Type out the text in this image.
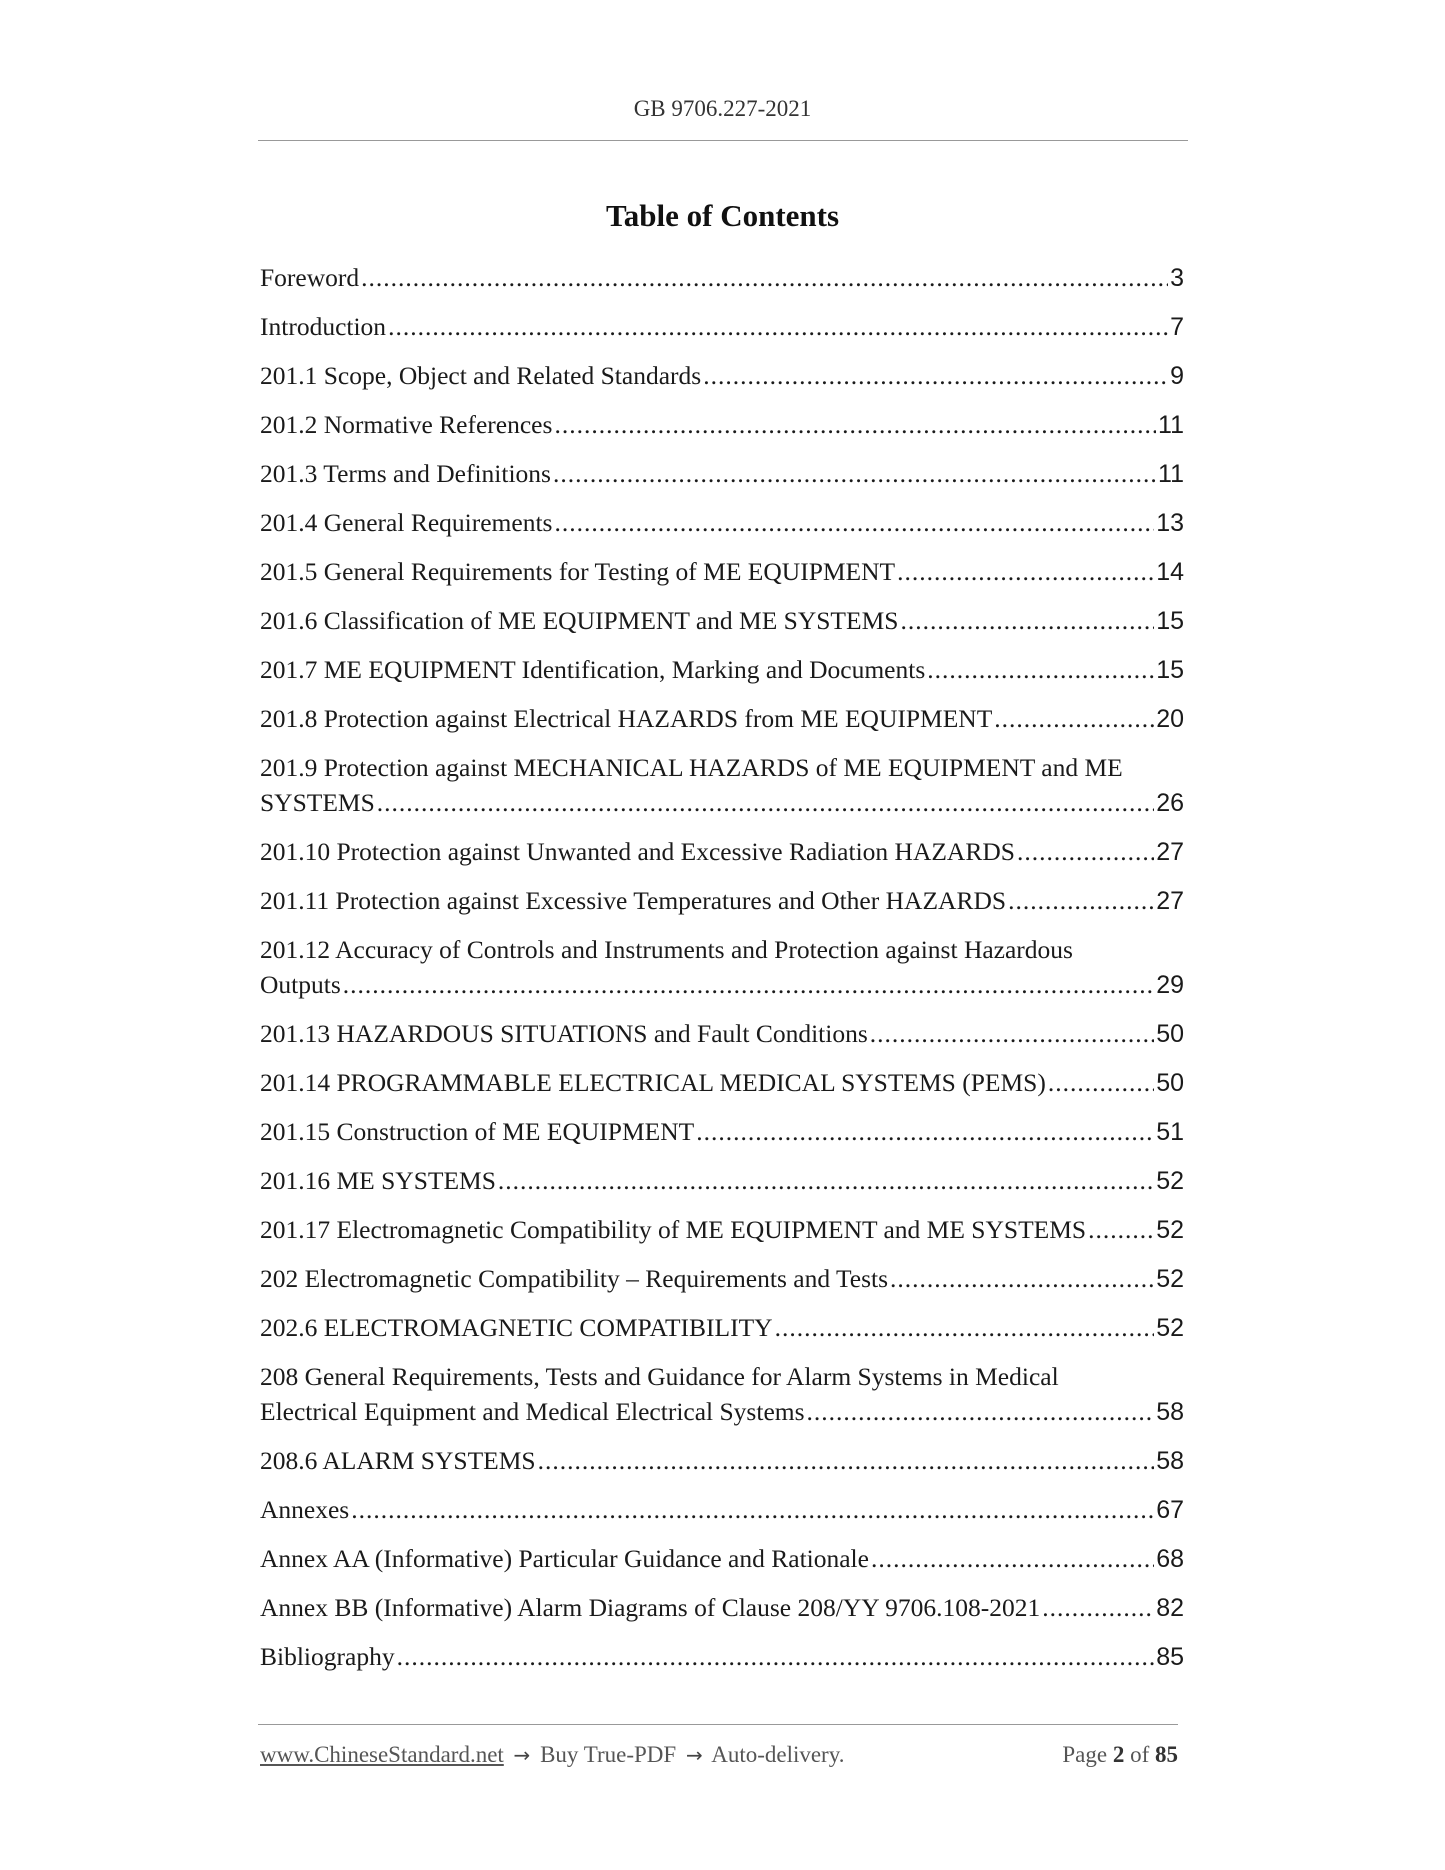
GB 9706.227-2021
Table of Contents
Foreword .....	3
Introduction .....	7
201.1 Scope, Object and Related Standards .....	9
201.2 Normative References .....	11
201.3 Terms and Definitions .....	11
201.4 General Requirements .....	13
201.5 General Requirements for Testing of ME EQUIPMENT .....	14
201.6 Classification of ME EQUIPMENT and ME SYSTEMS .....	15
201.7 ME EQUIPMENT Identification, Marking and Documents .....	15
201.8 Protection against Electrical HAZARDS from ME EQUIPMENT .....	20
201.9 Protection against MECHANICAL HAZARDS of ME EQUIPMENT and ME
SYSTEMS .....	26
201.10 Protection against Unwanted and Excessive Radiation HAZARDS .....	27
201.11 Protection against Excessive Temperatures and Other HAZARDS .....	27
201.12 Accuracy of Controls and Instruments and Protection against Hazardous
Outputs .....	29
201.13 HAZARDOUS SITUATIONS and Fault Conditions .....	50
201.14 PROGRAMMABLE ELECTRICAL MEDICAL SYSTEMS (PEMS) .....	50
201.15 Construction of ME EQUIPMENT .....	51
201.16 ME SYSTEMS .....	52
201.17 Electromagnetic Compatibility of ME EQUIPMENT and ME SYSTEMS .....	52
202 Electromagnetic Compatibility – Requirements and Tests .....	52
202.6 ELECTROMAGNETIC COMPATIBILITY .....	52
208 General Requirements, Tests and Guidance for Alarm Systems in Medical
Electrical Equipment and Medical Electrical Systems .....	58
208.6 ALARM SYSTEMS .....	58
Annexes .....	67
Annex AA (Informative) Particular Guidance and Rationale .....	68
Annex BB (Informative) Alarm Diagrams of Clause 208/YY 9706.108-2021 .....	82
Bibliography .....	85
www.ChineseStandard.net → Buy True-PDF → Auto-delivery.	Page 2 of 85
